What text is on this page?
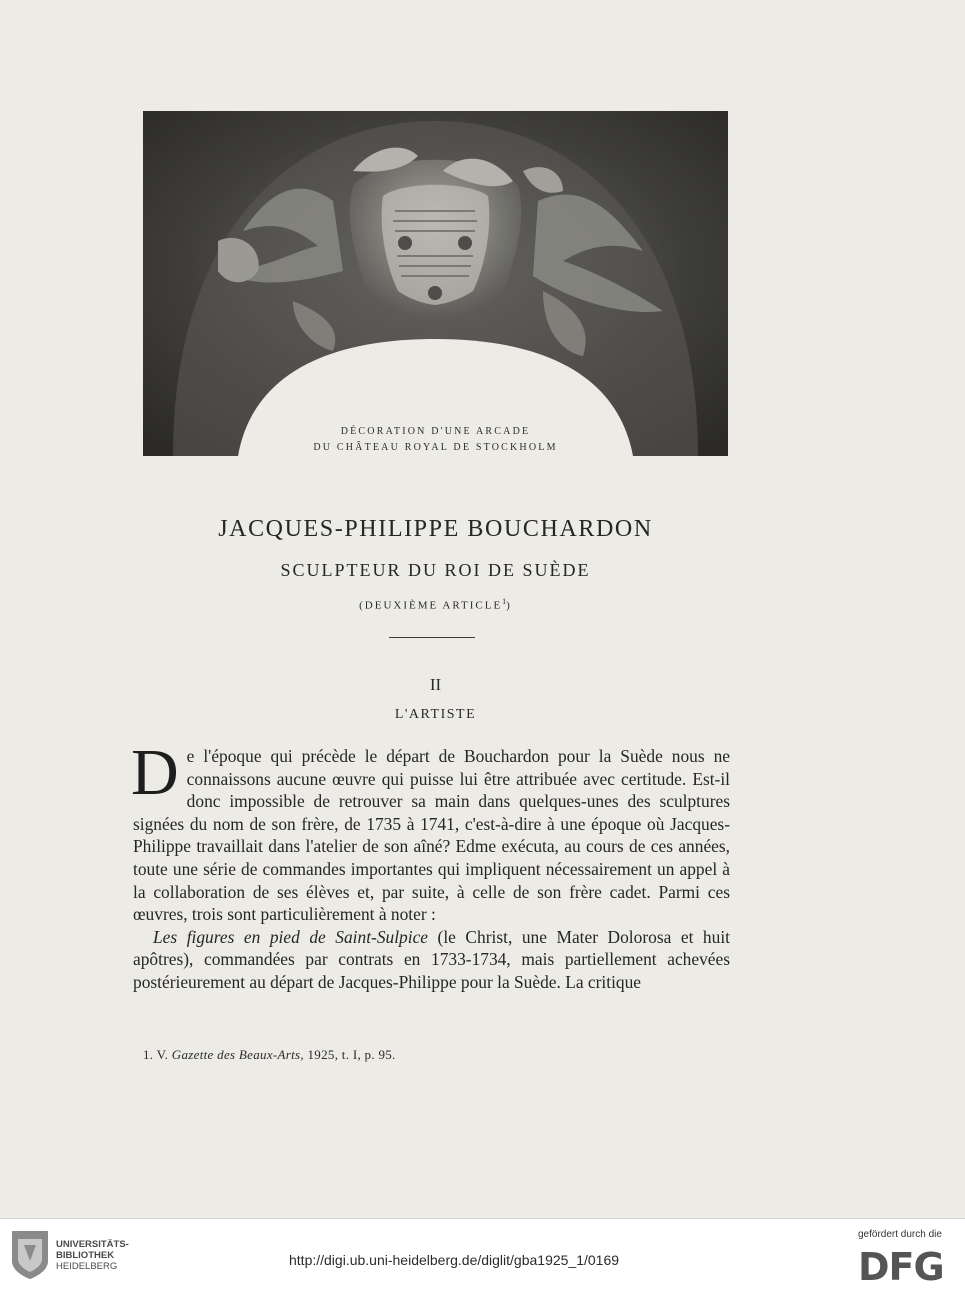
DÉCORATION D'UNE ARCADE
DU CHÂTEAU ROYAL DE STOCKHOLM
JACQUES-PHILIPPE BOUCHARDON
SCULPTEUR DU ROI DE SUÈDE
(DEUXIÈME ARTICLE$^1$)
II
L'ARTISTE

De l'époque qui précède le départ de Bouchardon pour la Suède nous ne connaissons aucune œuvre qui puisse lui être attribuée avec certitude. Est-il donc impossible de retrouver sa main dans quelques-unes des sculptures signées du nom de son frère, de 1735 à 1741, c'est-à-dire à une époque où Jacques-Philippe travaillait dans l'atelier de son aîné? Edme exécuta, au cours de ces années, toute une série de commandes importantes qui impliquent nécessairement un appel à la collaboration de ses élèves et, par suite, à celle de son frère cadet. Parmi ces œuvres, trois sont particulièrement à noter :

Les figures en pied de Saint-Sulpice (le Christ, une Mater Dolorosa et huit apôtres), commandées par contrats en 1733-1734, mais partiellement achevées postérieurement au départ de Jacques-Philippe pour la Suède. La critique

1. V. Gazette des Beaux-Arts, 1925, t. I, p. 95.
UNIVERSITÄTS-
BIBLIOTHEK
HEIDELBERG	http://digi.ub.uni-heidelberg.de/diglit/gba1925_1/0169
gefördert durch die
DFG
